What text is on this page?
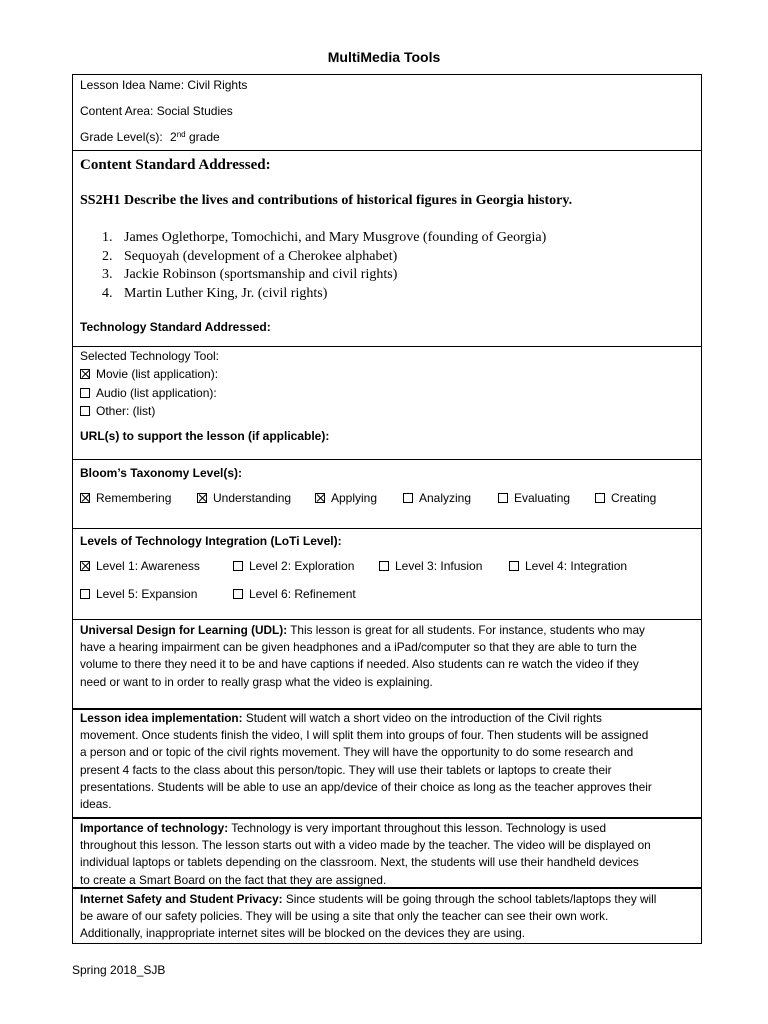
MultiMedia Tools
Lesson Idea Name: Civil Rights
Content Area: Social Studies
Grade Level(s): 2nd grade
Content Standard Addressed:
SS2H1 Describe the lives and contributions of historical figures in Georgia history.
1. James Oglethorpe, Tomochichi, and Mary Musgrove (founding of Georgia)
2. Sequoyah (development of a Cherokee alphabet)
3. Jackie Robinson (sportsmanship and civil rights)
4. Martin Luther King, Jr. (civil rights)
Technology Standard Addressed:
Selected Technology Tool:
Movie (list application):
Audio (list application):
Other: (list)
URL(s) to support the lesson (if applicable):
Bloom’s Taxonomy Level(s):
Remembering	Understanding	Applying	Analyzing	Evaluating	Creating
Levels of Technology Integration (LoTi Level):
Level 1: Awareness	Level 2: Exploration	Level 3: Infusion	Level 4: Integration
Level 5: Expansion	Level 6: Refinement
Universal Design for Learning (UDL): This lesson is great for all students. For instance, students who may
have a hearing impairment can be given headphones and a iPad/computer so that they are able to turn the
volume to there they need it to be and have captions if needed. Also students can re watch the video if they
need or want to in order to really grasp what the video is explaining.
Lesson idea implementation: Student will watch a short video on the introduction of the Civil rights
movement. Once students finish the video, I will split them into groups of four. Then students will be assigned
a person and or topic of the civil rights movement. They will have the opportunity to do some research and
present 4 facts to the class about this person/topic. They will use their tablets or laptops to create their
presentations. Students will be able to use an app/device of their choice as long as the teacher approves their
ideas.
Importance of technology: Technology is very important throughout this lesson. Technology is used
throughout this lesson. The lesson starts out with a video made by the teacher. The video will be displayed on
individual laptops or tablets depending on the classroom. Next, the students will use their handheld devices
to create a Smart Board on the fact that they are assigned.
Internet Safety and Student Privacy: Since students will be going through the school tablets/laptops they will
be aware of our safety policies. They will be using a site that only the teacher can see their own work.
Additionally, inappropriate internet sites will be blocked on the devices they are using.
Spring 2018_SJB
